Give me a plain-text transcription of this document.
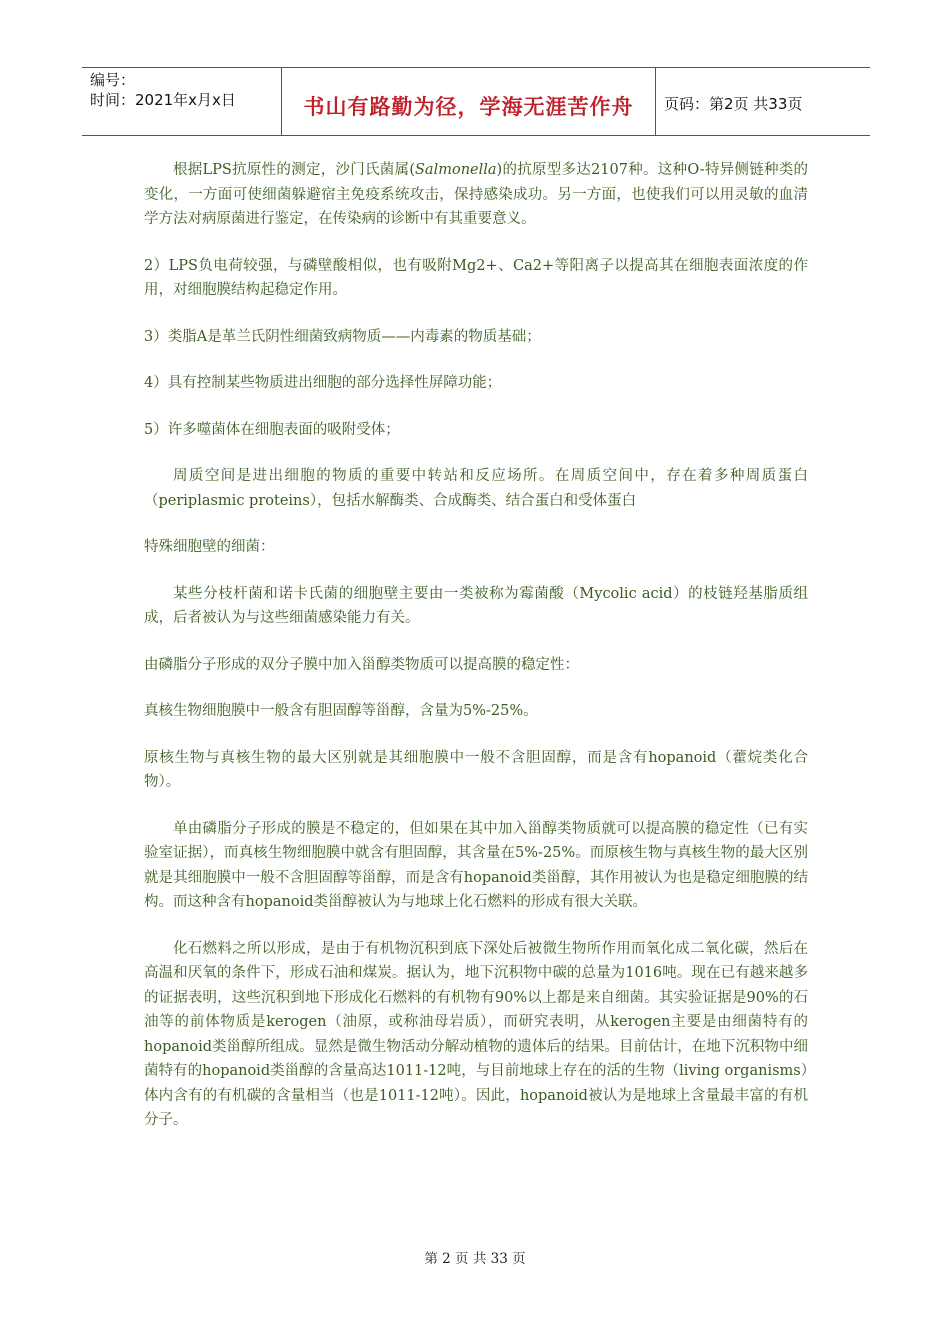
编号：
时间：2021年x月x日	书山有路勤为径，学海无涯苦作舟	页码：第2页 共33页

根据LPS抗原性的测定，沙门氏菌属(Salmonella)的抗原型多达2107种。这种O-特异侧链种类的变化，一方面可使细菌躲避宿主免疫系统攻击，保持感染成功。另一方面，也使我们可以用灵敏的血清学方法对病原菌进行鉴定，在传染病的诊断中有其重要意义。

2）LPS负电荷较强，与磷壁酸相似，也有吸附Mg2+、Ca2+等阳离子以提高其在细胞表面浓度的作用，对细胞膜结构起稳定作用。

3）类脂A是革兰氏阴性细菌致病物质——内毒素的物质基础；

4）具有控制某些物质进出细胞的部分选择性屏障功能；

5）许多噬菌体在细胞表面的吸附受体；

周质空间是进出细胞的物质的重要中转站和反应场所。在周质空间中，存在着多种周质蛋白（periplasmic proteins），包括水解酶类、合成酶类、结合蛋白和受体蛋白

特殊细胞壁的细菌：

某些分枝杆菌和诺卡氏菌的细胞壁主要由一类被称为霉菌酸（Mycolic acid）的枝链羟基脂质组成，后者被认为与这些细菌感染能力有关。

由磷脂分子形成的双分子膜中加入甾醇类物质可以提高膜的稳定性：

真核生物细胞膜中一般含有胆固醇等甾醇，含量为5%-25%。

原核生物与真核生物的最大区别就是其细胞膜中一般不含胆固醇，而是含有hopanoid（藿烷类化合物）。

单由磷脂分子形成的膜是不稳定的，但如果在其中加入甾醇类物质就可以提高膜的稳定性（已有实验室证据），而真核生物细胞膜中就含有胆固醇，其含量在5%-25%。而原核生物与真核生物的最大区别就是其细胞膜中一般不含胆固醇等甾醇，而是含有hopanoid类甾醇，其作用被认为也是稳定细胞膜的结构。而这种含有hopanoid类甾醇被认为与地球上化石燃料的形成有很大关联。

化石燃料之所以形成，是由于有机物沉积到底下深处后被微生物所作用而氧化成二氧化碳，然后在高温和厌氧的条件下，形成石油和煤炭。据认为，地下沉积物中碳的总量为1016吨。现在已有越来越多的证据表明，这些沉积到地下形成化石燃料的有机物有90%以上都是来自细菌。其实验证据是90%的石油等的前体物质是kerogen（油原，或称油母岩质），而研究表明，从kerogen主要是由细菌特有的hopanoid类甾醇所组成。显然是微生物活动分解动植物的遗体后的结果。目前估计，在地下沉积物中细菌特有的hopanoid类甾醇的含量高达1011-12吨，与目前地球上存在的活的生物（living organisms）体内含有的有机碳的含量相当（也是1011-12吨）。因此，hopanoid被认为是地球上含量最丰富的有机分子。

第 2 页 共 33 页
